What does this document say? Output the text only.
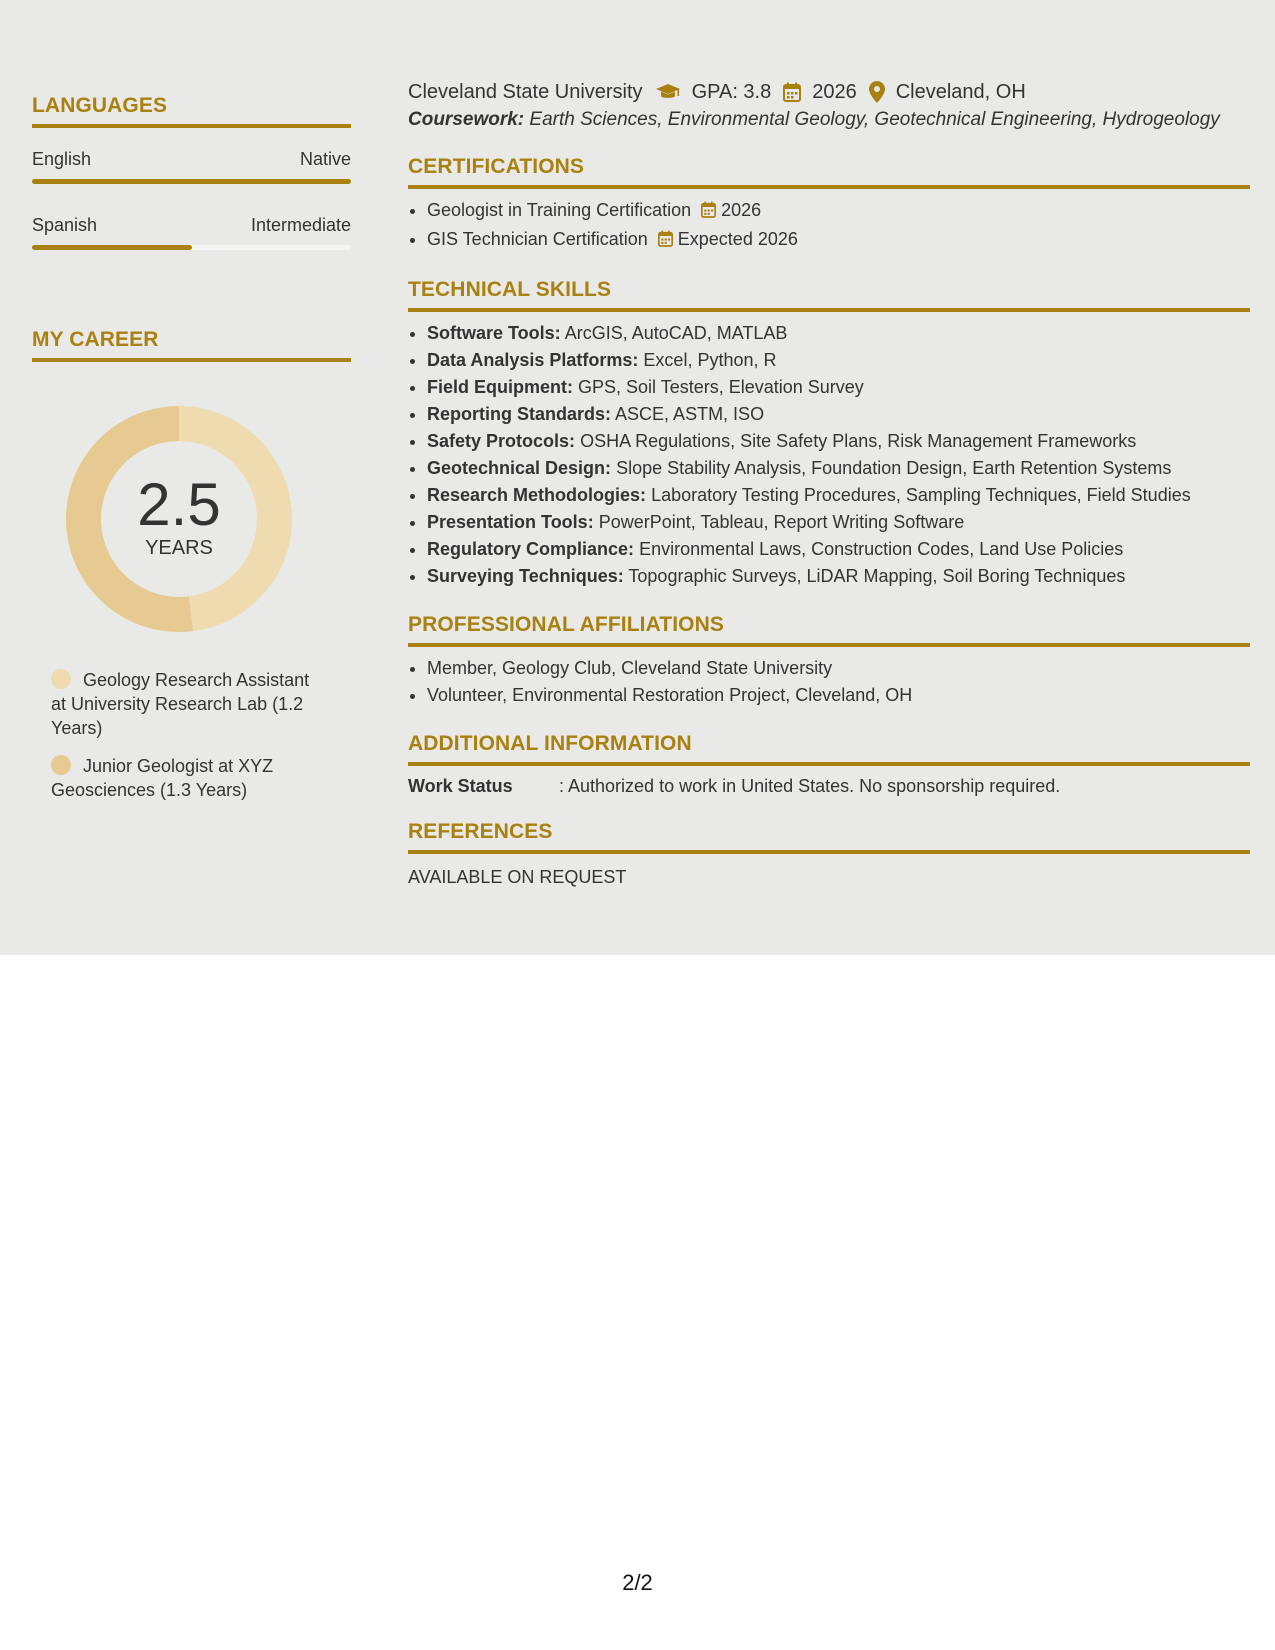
LANGUAGES
English	Native
Spanish	Intermediate
MY CAREER
2.5
YEARS
Geology Research Assistant at University Research Lab (1.2 Years)
Junior Geologist at XYZ Geosciences (1.3 Years)
Cleveland State University GPA: 3.8 2026 Cleveland, OH
Coursework: Earth Sciences, Environmental Geology, Geotechnical Engineering, Hydrogeology
CERTIFICATIONS
• Geologist in Training Certification 2026
• GIS Technician Certification Expected 2026
TECHNICAL SKILLS
• Software Tools: ArcGIS, AutoCAD, MATLAB
• Data Analysis Platforms: Excel, Python, R
• Field Equipment: GPS, Soil Testers, Elevation Survey
• Reporting Standards: ASCE, ASTM, ISO
• Safety Protocols: OSHA Regulations, Site Safety Plans, Risk Management Frameworks
• Geotechnical Design: Slope Stability Analysis, Foundation Design, Earth Retention Systems
• Research Methodologies: Laboratory Testing Procedures, Sampling Techniques, Field Studies
• Presentation Tools: PowerPoint, Tableau, Report Writing Software
• Regulatory Compliance: Environmental Laws, Construction Codes, Land Use Policies
• Surveying Techniques: Topographic Surveys, LiDAR Mapping, Soil Boring Techniques
PROFESSIONAL AFFILIATIONS
• Member, Geology Club, Cleveland State University
• Volunteer, Environmental Restoration Project, Cleveland, OH
ADDITIONAL INFORMATION
Work Status	: Authorized to work in United States. No sponsorship required.
REFERENCES
AVAILABLE ON REQUEST
2/2
